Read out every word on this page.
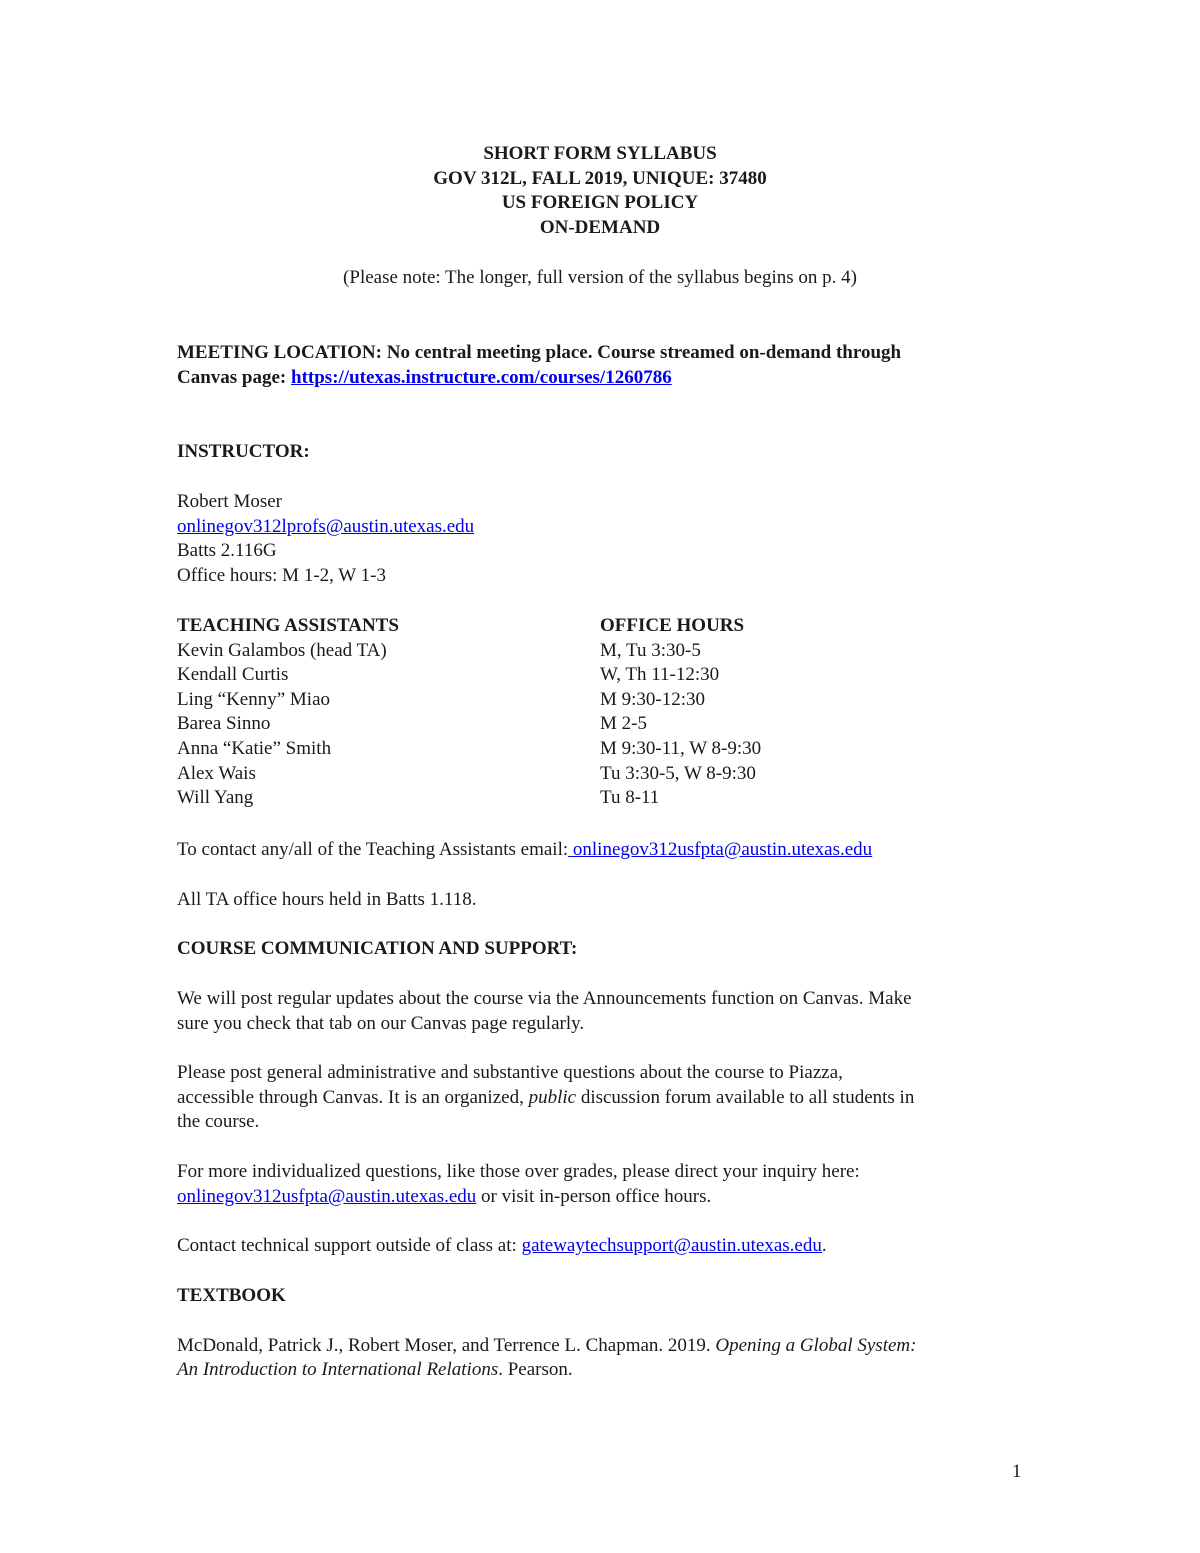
SHORT FORM SYLLABUS
GOV 312L, FALL 2019, UNIQUE: 37480
US FOREIGN POLICY
ON-DEMAND
(Please note: The longer, full version of the syllabus begins on p. 4)
MEETING LOCATION: No central meeting place. Course streamed on-demand through
Canvas page: https://utexas.instructure.com/courses/1260786
INSTRUCTOR:
Robert Moser
onlinegov312lprofs@austin.utexas.edu
Batts 2.116G
Office hours: M 1-2, W 1-3
TEACHING ASSISTANTS	OFFICE HOURS
Kevin Galambos (head TA)	M, Tu 3:30-5
Kendall Curtis	W, Th 11-12:30
Ling “Kenny” Miao	M 9:30-12:30
Barea Sinno	M 2-5
Anna “Katie” Smith	M 9:30-11, W 8-9:30
Alex Wais	Tu 3:30-5, W 8-9:30
Will Yang	Tu 8-11
To contact any/all of the Teaching Assistants email: onlinegov312usfpta@austin.utexas.edu
All TA office hours held in Batts 1.118.
COURSE COMMUNICATION AND SUPPORT:
We will post regular updates about the course via the Announcements function on Canvas. Make
sure you check that tab on our Canvas page regularly.
Please post general administrative and substantive questions about the course to Piazza,
accessible through Canvas. It is an organized, public discussion forum available to all students in
the course.
For more individualized questions, like those over grades, please direct your inquiry here:
onlinegov312usfpta@austin.utexas.edu or visit in-person office hours.
Contact technical support outside of class at: gatewaytechsupport@austin.utexas.edu.
TEXTBOOK
McDonald, Patrick J., Robert Moser, and Terrence L. Chapman. 2019. Opening a Global System:
An Introduction to International Relations. Pearson.
1
